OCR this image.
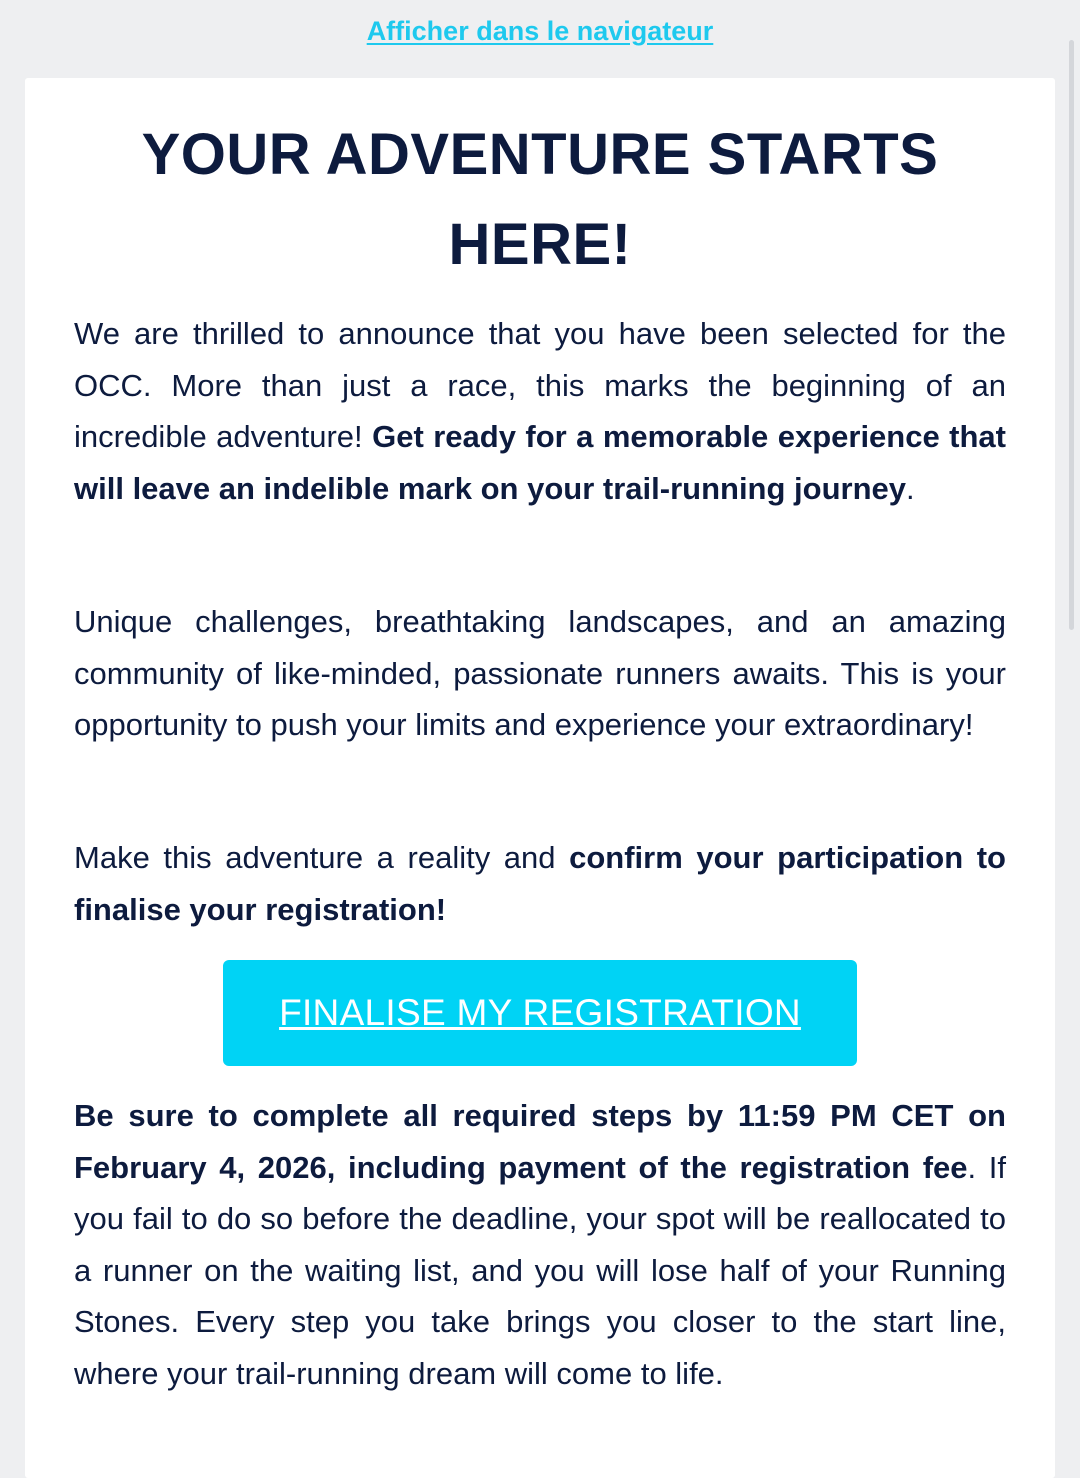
Afficher dans le navigateur
YOUR ADVENTURE STARTS HERE!

We are thrilled to announce that you have been selected for the OCC. More than just a race, this marks the beginning of an incredible adventure! Get ready for a memorable experience that will leave an indelible mark on your trail-running journey.

Unique challenges, breathtaking landscapes, and an amazing community of like-minded, passionate runners awaits. This is your opportunity to push your limits and experience your extraordinary!

Make this adventure a reality and confirm your participation to finalise your registration!

FINALISE MY REGISTRATION

Be sure to complete all required steps by 11:59 PM CET on February 4, 2026, including payment of the registration fee. If you fail to do so before the deadline, your spot will be reallocated to a runner on the waiting list, and you will lose half of your Running Stones. Every step you take brings you closer to the start line, where your trail-running dream will come to life.
